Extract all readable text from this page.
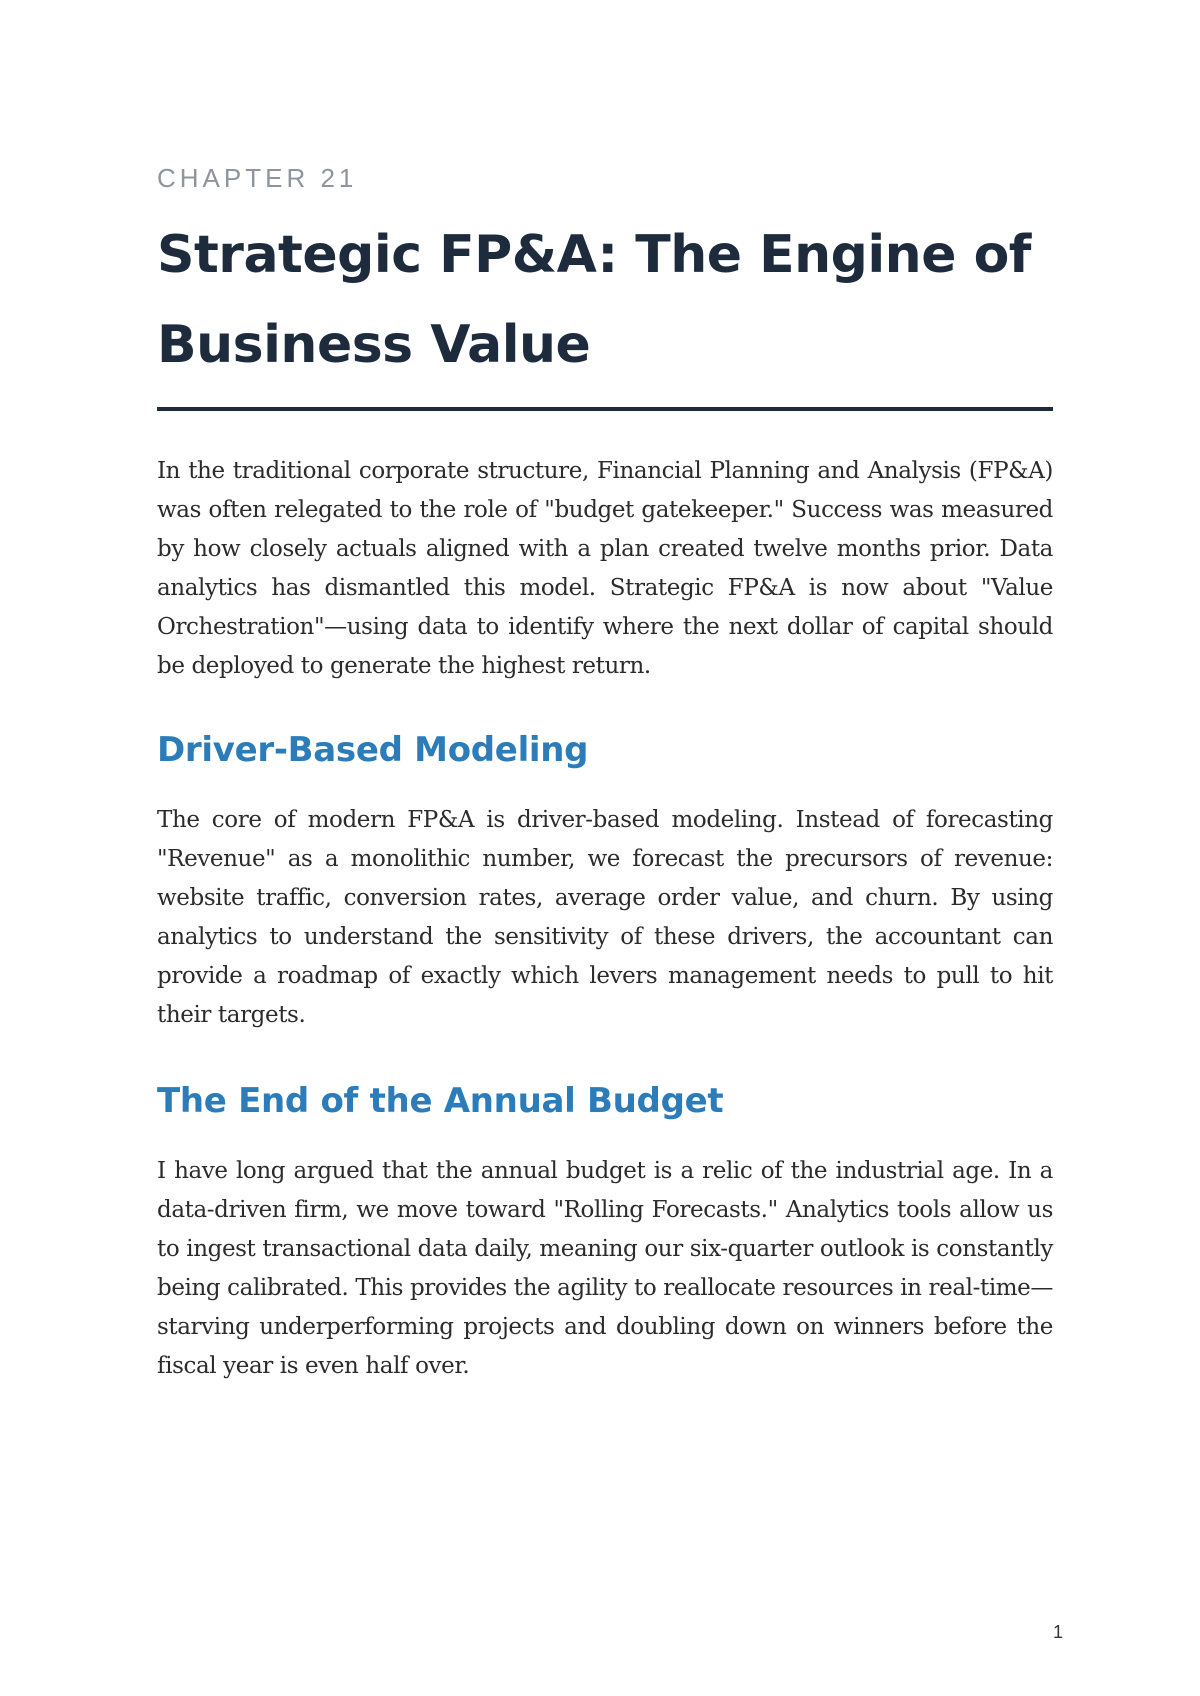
CHAPTER 21
Strategic FP&A: The Engine of Business Value

In the traditional corporate structure, Financial Planning and Analysis (FP&A) was often relegated to the role of "budget gatekeeper." Success was measured by how closely actuals aligned with a plan created twelve months prior. Data analytics has dismantled this model. Strategic FP&A is now about "Value Orchestration"—using data to identify where the next dollar of capital should be deployed to generate the highest return.

Driver-Based Modeling

The core of modern FP&A is driver-based modeling. Instead of forecasting "Revenue" as a monolithic number, we forecast the precursors of revenue: website traffic, conversion rates, average order value, and churn. By using analytics to understand the sensitivity of these drivers, the accountant can provide a roadmap of exactly which levers management needs to pull to hit their targets.

The End of the Annual Budget

I have long argued that the annual budget is a relic of the industrial age. In a data-driven firm, we move toward "Rolling Forecasts." Analytics tools allow us to ingest transactional data daily, meaning our six-quarter outlook is constantly being calibrated. This provides the agility to reallocate resources in real-time—starving underperforming projects and doubling down on winners before the fiscal year is even half over.

1
